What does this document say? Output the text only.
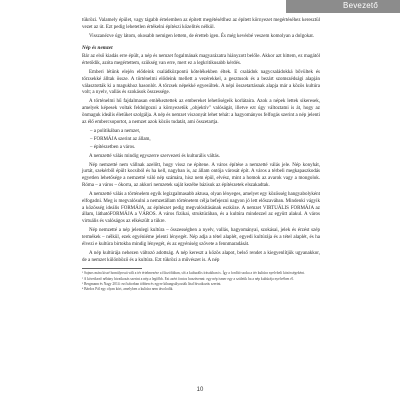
Bevezető

tükrözi. Valamely épület, vagy tágabb értelemben az épített megétésétlhez az épített környezet megértéséhez keresztül vezet az út. Ezt pedig lehetetlen értékelni építészi közelítés nélkül.

Visszanézve úgy látom, okosabb nemigen lettem, de éretteb igen. És még kevésbé veszem komolyan a dolgokat.

Nép és nemzet

Bár az első kiadás erre épült, a nép és nemzet fogalmának magyarázatra hiányzott belőle. Akkor azt hittem, ez magától értetődik, azóta megértettem, szükség van erre, mert ez a legkritikusabb kérdés.

Emberi létünk elején elődeink családközpontú kötelékekben éltek. E családok nagycsaládokká bővültek és törzsekké álltak össze. A történelmi elődeink mellett a vezérekkel, a gesztusok és a bezárt szomszédsági alapján választották ki a magukhoz hasonlót. A törzsek népekké egyesültek. A népi összetartásnak alapja már a közös kultúra volt; a nyelv, vallás és szokások összessége.

A történelmi hű fajdalmasan emlékeztettek az embereket lehetőségeik korlátaira. Azok a népek lettek sikeresek, amelyek képesek voltak feldolgozni a környezetük „objektív" valóságát, illetve ezt úgy változtatni is át, hogy az önmaguk ideális életüket szolgálja. A nép és nemzet viszonyát lehet tehát: a hagyományos felfogás szerint a nép jelenti az élő embercsoportot, a nemzet azok közös tudatát, ami összetartja.

– a politikában a nemzet,

– FORMÁJA szerint az állam,

– építészetben a város.

A nemzetté válás mindig egyszerre szervezeti és kulturális váltás.

Nép nemzetté nem vállnak azelőtt, hogy vissz ne építene. A város építése a nemzetté válás jele. Nép konyhát, jurtát, szekérből épült kocsiból és ha kell, nagyban is, az állam ontója városát épít. A város a térbeli megkapaszkodás egyetlen lehetősége a nemzetté váló nép számára, hisz nem épül, elvész, mint a homok az avarok vagy a mongolok. Róma – a város – ókorra, az akkori nemzetek saját kezébe bázisuk az építészetek elszakadtak.

A nemzetté válás a történelem egyik legizgalmasabb aktusa, olyan lényeges, amelyet egy közösség hangyabolyként elfogadni. Meg is megvalósulni a nemzetállam történetem célja befejezni nagyon jó lett előszavában. Mindenki vágyik a közösség ideális FORMÁJA, az építészet pedig megvalósításának eszköze. A nemzet VIRTUÁLIS FORMÁJA az állam, láthatóFORMÁJA a VÁROS. A város fizikai, struktúrában, és a kultúra mindezzel az együtt alakul. A város virtuális és valóságos az elkészült a tükre.

Nép nemzetté a nép jelenlegi kultúra – összességben a nyelv, vallás, hagyományai, szokásai, jelek és érzést szép termékek – nélkül, ezek egyéniéme jelenti lényegét. Nép adja a tétel alaplét, egyedi kultúrája és a tétel alaplét, és ha élvezi e kultúra birtokba mindig lényegét, és az egyéniség szövete a fennmaradását.

A nép kultúrája nehezen változó adottság. A nép kereszt a közös alapot, belső rendet a kiegyenlítjük ugyanakkor, de a nemzet különböző és a kultúra. Ezt tükrözi a művészet is. A nép

¹ Sajnos mára kissé homályossá vált a tér értelmezése a filozófiában, sőt a kulturális írásokban is. Így a fordító szoka a tér kultúra nyelvbeli közösségeként.

² A következő néhány hivatkozás szerint a nép a legfőbb. Ezt azért fontos hozzávenni: egy nép ismer egy a születik ha a nép kultúrája nyelvében él.

³ Bergmann és Nagy 2014: ezt bátorban többen és egyre kihangsúlyozták lásd hivatkozás szerint.

⁴ Bárdos Pál egy olyan kört, amelyben a kultúra nem távolodik.

10
